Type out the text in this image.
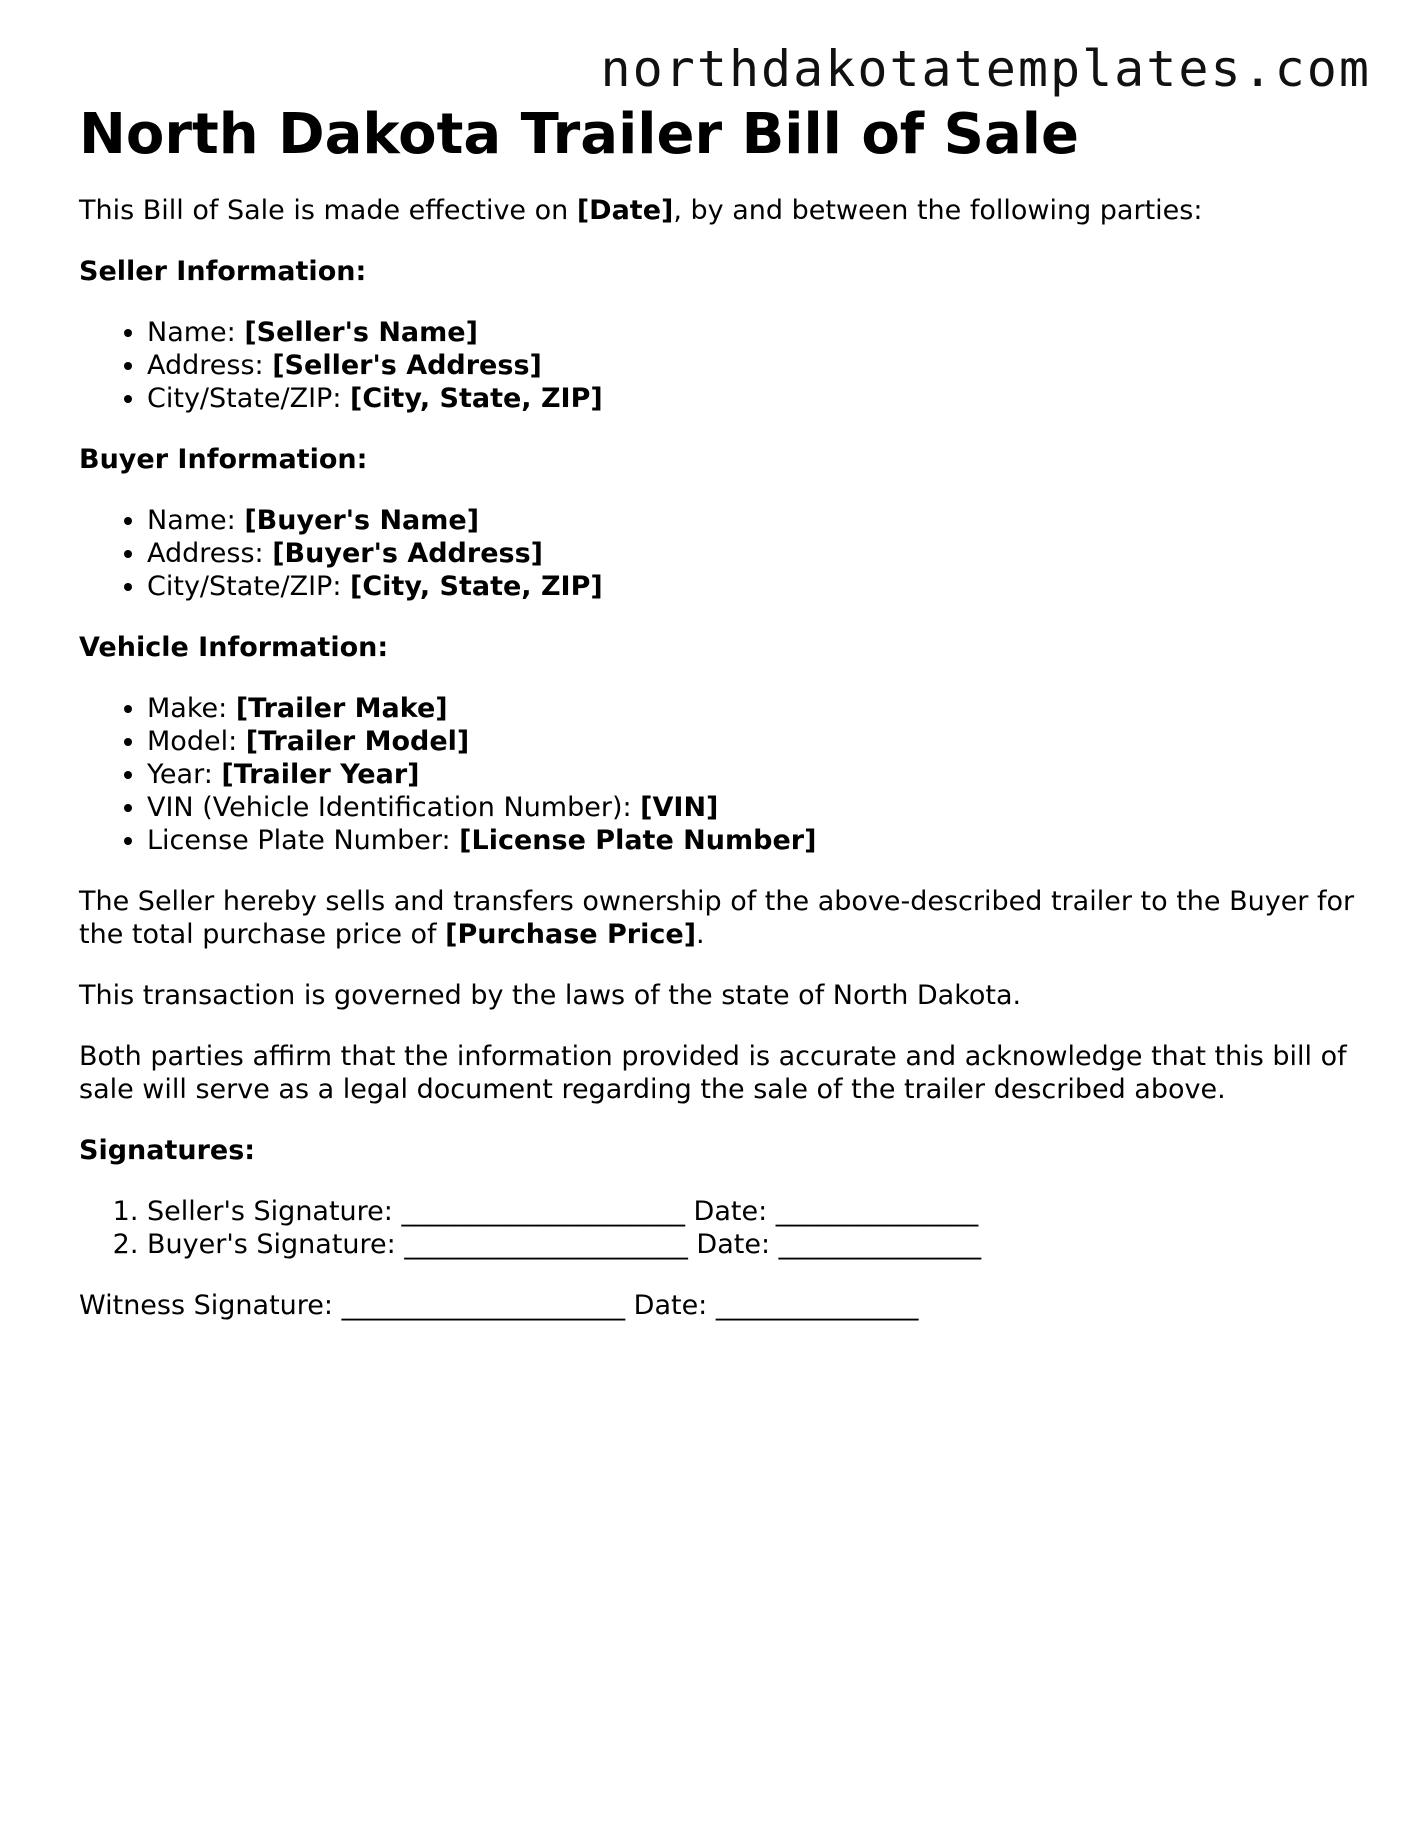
northdakotatemplates.com
North Dakota Trailer Bill of Sale

This Bill of Sale is made effective on [Date], by and between the following parties:

Seller Information:

• Name: [Seller's Name]
• Address: [Seller's Address]
• City/State/ZIP: [City, State, ZIP]

Buyer Information:

• Name: [Buyer's Name]
• Address: [Buyer's Address]
• City/State/ZIP: [City, State, ZIP]

Vehicle Information:

• Make: [Trailer Make]
• Model: [Trailer Model]
• Year: [Trailer Year]
• VIN (Vehicle Identification Number): [VIN]
• License Plate Number: [License Plate Number]

The Seller hereby sells and transfers ownership of the above-described trailer to the Buyer for the total purchase price of [Purchase Price].

This transaction is governed by the laws of the state of North Dakota.

Both parties affirm that the information provided is accurate and acknowledge that this bill of sale will serve as a legal document regarding the sale of the trailer described above.

Signatures:

1. Seller's Signature: _____________________ Date: _______________
2. Buyer's Signature: _____________________ Date: _______________

Witness Signature: _____________________ Date: _______________
